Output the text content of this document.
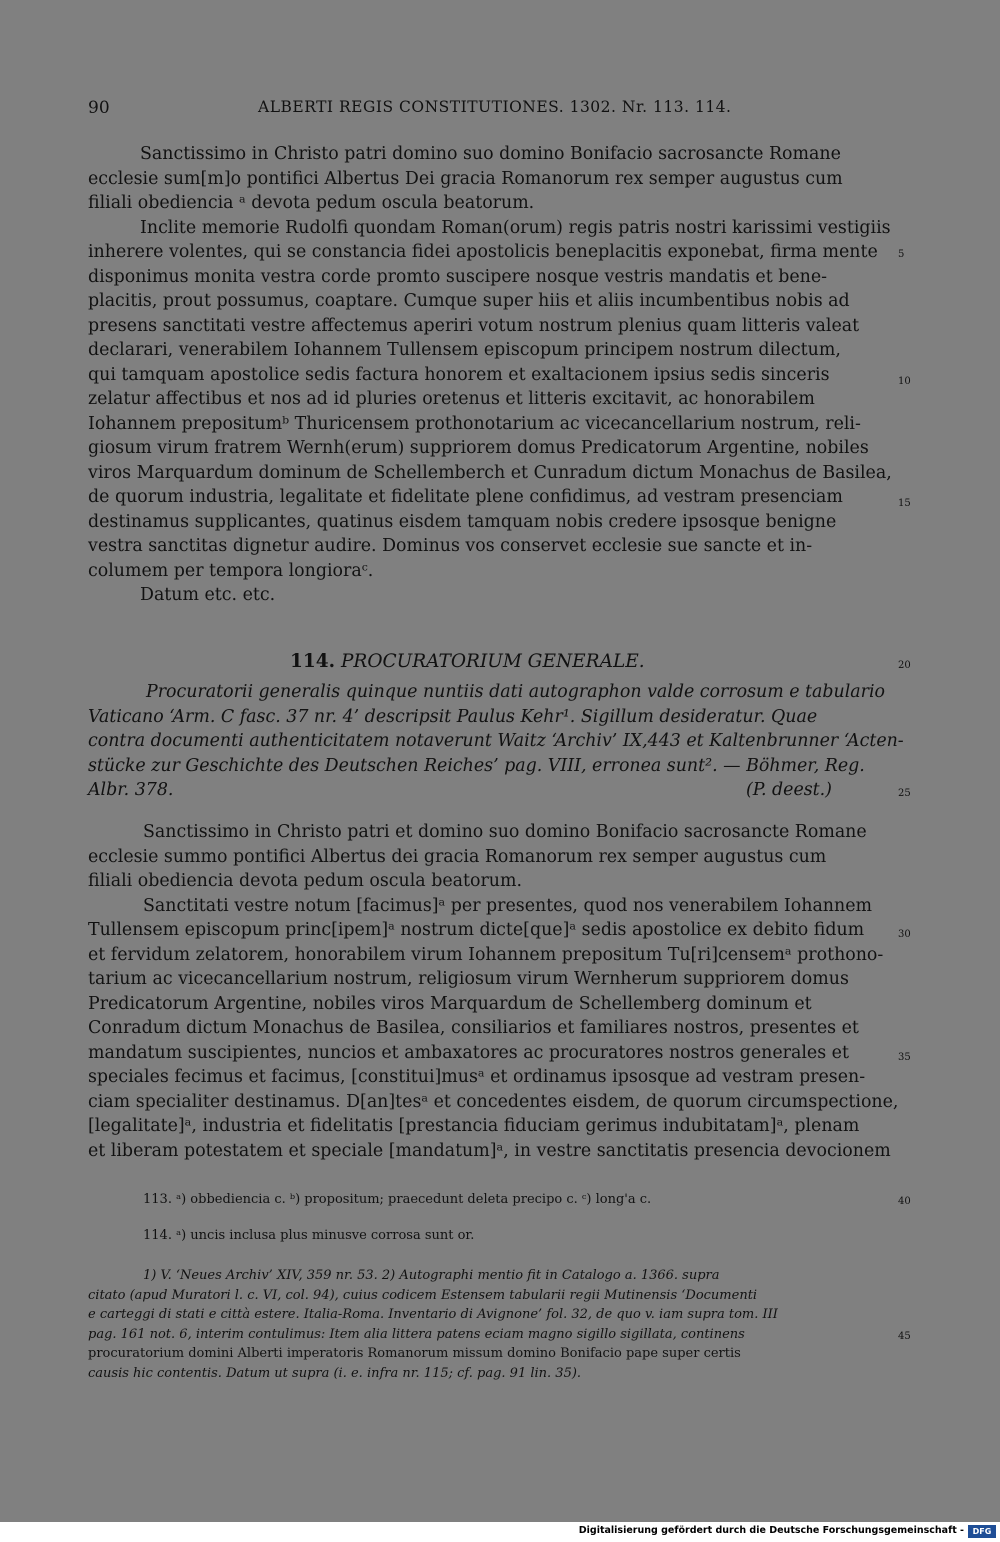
90	ALBERTI REGIS CONSTITUTIONES. 1302. Nr. 113. 114.
Sanctissimo in Christo patri domino suo domino Bonifacio sacrosancte Romane
ecclesie sum[m]o pontifici Albertus Dei gracia Romanorum rex semper augustus cum
filiali obediencia ᵃ devota pedum oscula beatorum.
Inclite memorie Rudolfi quondam Roman(orum) regis patris nostri karissimi vestigiis
inherere volentes, qui se constancia fidei apostolicis beneplacitis exponebat, firma mente
disponimus monita vestra corde promto suscipere nosque vestris mandatis et bene-
placitis, prout possumus, coaptare. Cumque super hiis et aliis incumbentibus nobis ad
presens sanctitati vestre affectemus aperiri votum nostrum plenius quam litteris valeat
declarari, venerabilem Iohannem Tullensem episcopum principem nostrum dilectum,
qui tamquam apostolice sedis factura honorem et exaltacionem ipsius sedis sinceris
zelatur affectibus et nos ad id pluries oretenus et litteris excitavit, ac honorabilem
Iohannem prepositumᵇ Thuricensem prothonotarium ac vicecancellarium nostrum, reli-
giosum virum fratrem Wernh(erum) suppriorem domus Predicatorum Argentine, nobiles
viros Marquardum dominum de Schellemberch et Cunradum dictum Monachus de Basilea,
de quorum industria, legalitate et fidelitate plene confidimus, ad vestram presenciam
destinamus supplicantes, quatinus eisdem tamquam nobis credere ipsosque benigne
vestra sanctitas dignetur audire. Dominus vos conservet ecclesie sue sancte et in-
columem per tempora longioraᶜ.
Datum etc. etc.
5
10
15
114. PROCURATORIUM GENERALE.	20
Procuratorii generalis quinque nuntiis dati autographon valde corrosum e tabulario
Vaticano ‘Arm. C fasc. 37 nr. 4’ descripsit Paulus Kehr¹. Sigillum desideratur. Quae
contra documenti authenticitatem notaverunt Waitz ‘Archiv’ IX,443 et Kaltenbrunner ‘Acten-
stücke zur Geschichte des Deutschen Reiches’ pag. VIII, erronea sunt². — Böhmer, Reg.
Albr. 378.	(P. deest.)	25
Sanctissimo in Christo patri et domino suo domino Bonifacio sacrosancte Romane
ecclesie summo pontifici Albertus dei gracia Romanorum rex semper augustus cum
filiali obediencia devota pedum oscula beatorum.
Sanctitati vestre notum [facimus]ᵃ per presentes, quod nos venerabilem Iohannem
Tullensem episcopum princ[ipem]ᵃ nostrum dicte[que]ᵃ sedis apostolice ex debito fidum
et fervidum zelatorem, honorabilem virum Iohannem prepositum Tu[ri]censemᵃ prothono-
tarium ac vicecancellarium nostrum, religiosum virum Wernherum suppriorem domus
Predicatorum Argentine, nobiles viros Marquardum de Schellemberg dominum et
Conradum dictum Monachus de Basilea, consiliarios et familiares nostros, presentes et
mandatum suscipientes, nuncios et ambaxatores ac procuratores nostros generales et
speciales fecimus et facimus, [constitui]musᵃ et ordinamus ipsosque ad vestram presen-
ciam specialiter destinamus. D[an]tesᵃ et concedentes eisdem, de quorum circumspectione,
[legalitate]ᵃ, industria et fidelitatis [prestancia fiduciam gerimus indubitatam]ᵃ, plenam
et liberam potestatem et speciale [mandatum]ᵃ, in vestre sanctitatis presencia devocionem
30
35
113. ᵃ) obbediencia c. ᵇ) propositum; praecedunt deleta precipo c. ᶜ) long'a c.
114. ᵃ) uncis inclusa plus minusve corrosa sunt or.
40
1) V. ‘Neues Archiv’ XIV, 359 nr. 53. 2) Autographi mentio fit in Catalogo a. 1366. supra
citato (apud Muratori l. c. VI, col. 94), cuius codicem Estensem tabularii regii Mutinensis ‘Documenti
e carteggi di stati e città estere. Italia-Roma. Inventario di Avignone’ fol. 32, de quo v. iam supra tom. III
pag. 161 not. 6, interim contulimus: Item alia littera patens eciam magno sigillo sigillata, continens
procuratorium domini Alberti imperatoris Romanorum missum domino Bonifacio pape super certis
causis hic contentis. Datum ut supra (i. e. infra nr. 115; cf. pag. 91 lin. 35).
45
Digitalisierung gefördert durch die Deutsche Forschungsgemeinschaft -	DFG
